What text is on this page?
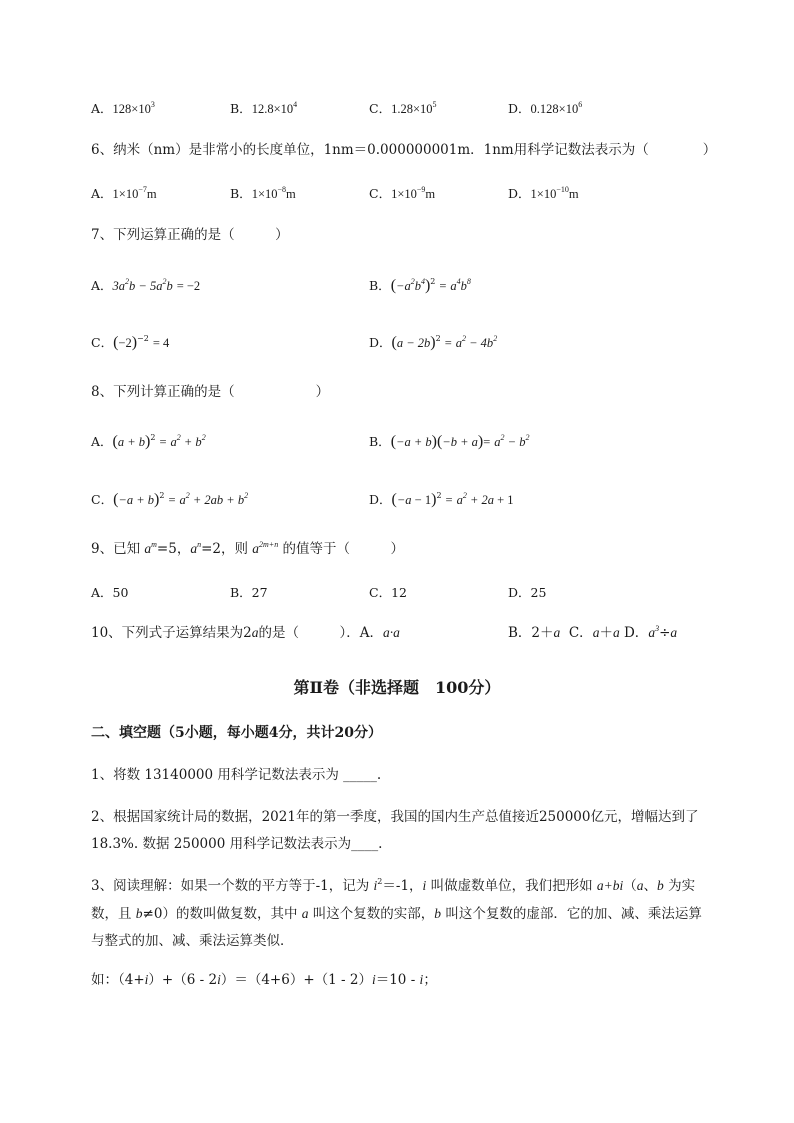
A．$128\times 10^3$	B．$12.8\times 10^4$	C．$1.28\times 10^5$	D．$0.128\times 10^6$
6、纳米（nm）是非常小的长度单位，1nm＝0.000000001m．1nm用科学记数法表示为（　　　　）
A．$1\times 10^{-7}m$	B．$1\times 10^{-8}m$	C．$1\times 10^{-9}m$	D．$1\times 10^{-10}m$
7、下列运算正确的是（　　　）
A．$3a^2b - 5a^2b = -2$	B．$(-a^2b^4)^2 = a^4b^8$
C．$(-2)^{-2} = 4$	D．$(a - 2b)^2 = a^2 - 4b^2$
8、下列计算正确的是（　　　　　　）
A．$(a + b)^2 = a^2 + b^2$	B．$(-a + b)(-b + a)= a^2 - b^2$
C．$(-a + b)^2 = a^2 + 2ab + b^2$	D．$(-a - 1)^2 = a^2 + 2a + 1$
9、已知 $a^m=5$，$a^n=2$，则 $a^{2m+n}$ 的值等于（　　　）
A．50	B．27	C．12	D．25
10、下列式子运算结果为2a的是（　　　）．A．a·a	B．2＋a  C．a＋a D．$a^3\div a$
第Ⅱ卷（非选择题　100分）
二、填空题（5小题，每小题4分，共计20分）
1、将数 13140000 用科学记数法表示为 _____.
2、根据国家统计局的数据，2021年的第一季度，我国的国内生产总值接近250000亿元，增幅达到了18.3%. 数据 250000 用科学记数法表示为____.
3、阅读理解：如果一个数的平方等于-1，记为 $i^2=-1$，i 叫做虚数单位，我们把形如 a+bi（a、b 为实数，且 b≠0）的数叫做复数，其中 a 叫这个复数的实部，b 叫这个复数的虚部．它的加、减、乘法运算与整式的加、减、乘法运算类似．
如：（4+i）+（6 - 2i）＝（4+6）+（1 - 2）i＝10 - i；
